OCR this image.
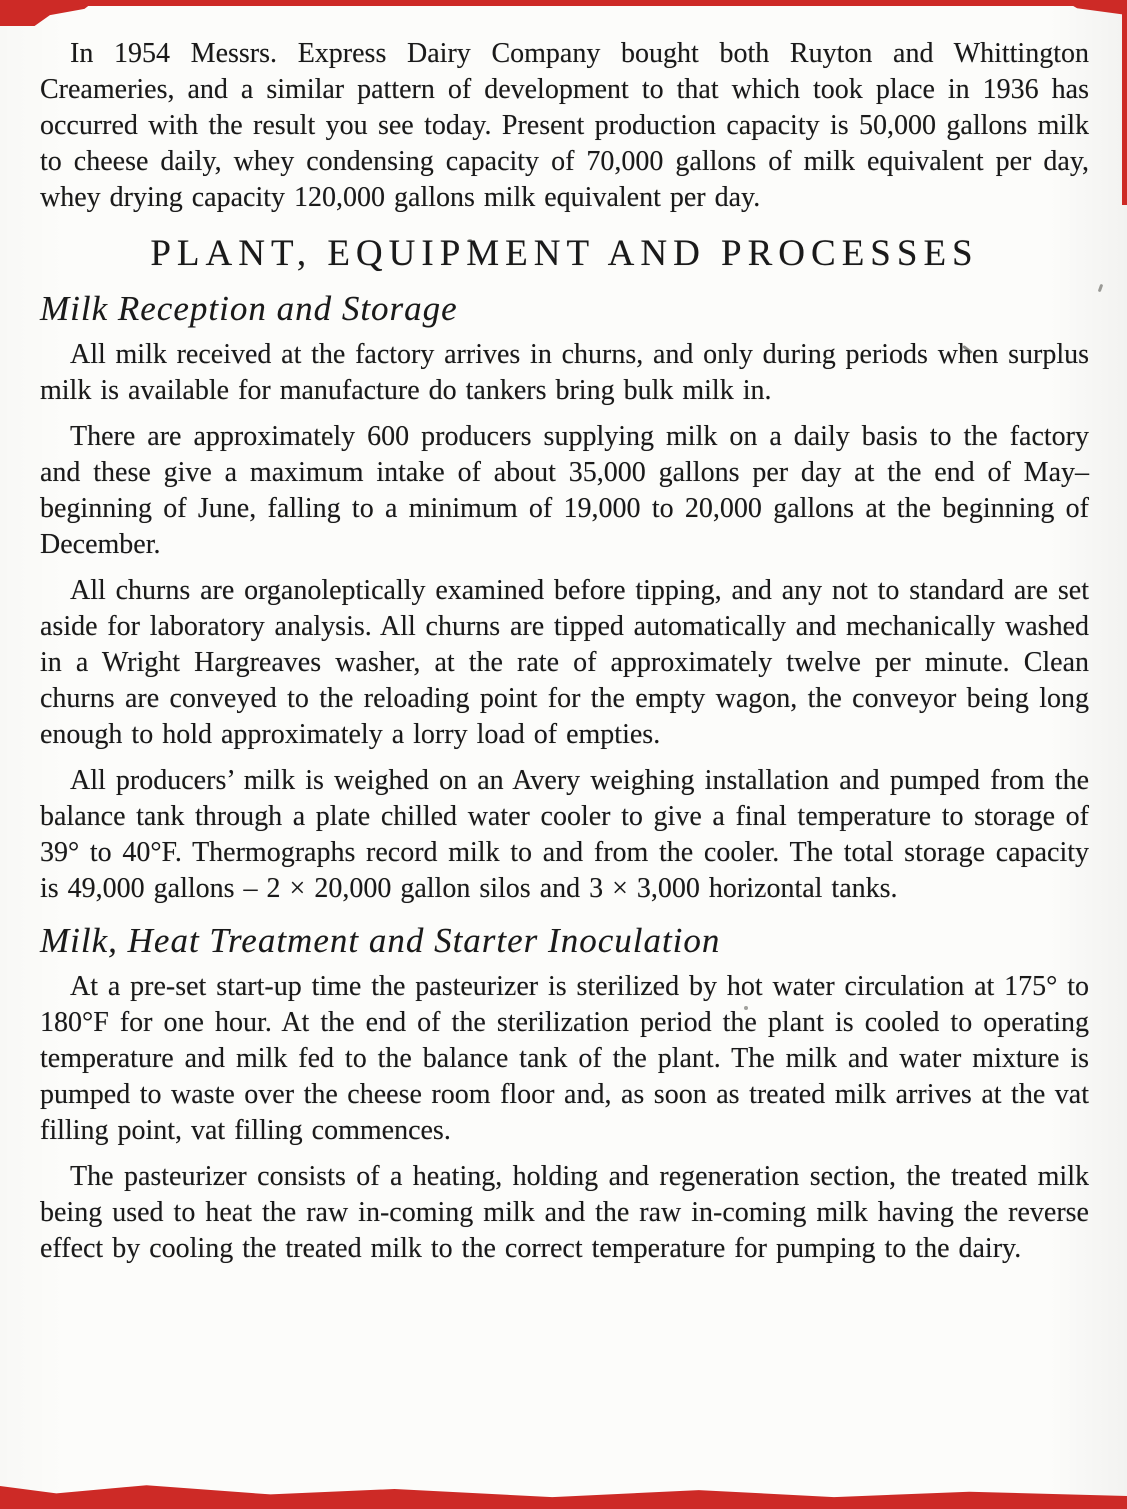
In 1954 Messrs. Express Dairy Company bought both Ruyton and Whittington Creameries, and a similar pattern of development to that which took place in 1936 has occurred with the result you see today. Present production capacity is 50,000 gallons milk to cheese daily, whey condensing capacity of 70,000 gallons of milk equivalent per day, whey drying capacity 120,000 gallons milk equivalent per day.

PLANT, EQUIPMENT AND PROCESSES
Milk Reception and Storage

All milk received at the factory arrives in churns, and only during periods when surplus milk is available for manufacture do tankers bring bulk milk in.

There are approximately 600 producers supplying milk on a daily basis to the factory and these give a maximum intake of about 35,000 gallons per day at the end of May–beginning of June, falling to a minimum of 19,000 to 20,000 gallons at the beginning of December.

All churns are organoleptically examined before tipping, and any not to standard are set aside for laboratory analysis. All churns are tipped automatically and mechanically washed in a Wright Hargreaves washer, at the rate of approximately twelve per minute. Clean churns are conveyed to the reloading point for the empty wagon, the conveyor being long enough to hold approximately a lorry load of empties.

All producers’ milk is weighed on an Avery weighing installation and pumped from the balance tank through a plate chilled water cooler to give a final temperature to storage of 39° to 40°F. Thermographs record milk to and from the cooler. The total storage capacity is 49,000 gallons – 2 × 20,000 gallon silos and 3 × 3,000 horizontal tanks.

Milk, Heat Treatment and Starter Inoculation

At a pre-set start-up time the pasteurizer is sterilized by hot water circulation at 175° to 180°F for one hour. At the end of the sterilization period the plant is cooled to operating temperature and milk fed to the balance tank of the plant. The milk and water mixture is pumped to waste over the cheese room floor and, as soon as treated milk arrives at the vat filling point, vat filling commences.

The pasteurizer consists of a heating, holding and regeneration section, the treated milk being used to heat the raw in-coming milk and the raw in-coming milk having the reverse effect by cooling the treated milk to the correct temperature for pumping to the dairy.
